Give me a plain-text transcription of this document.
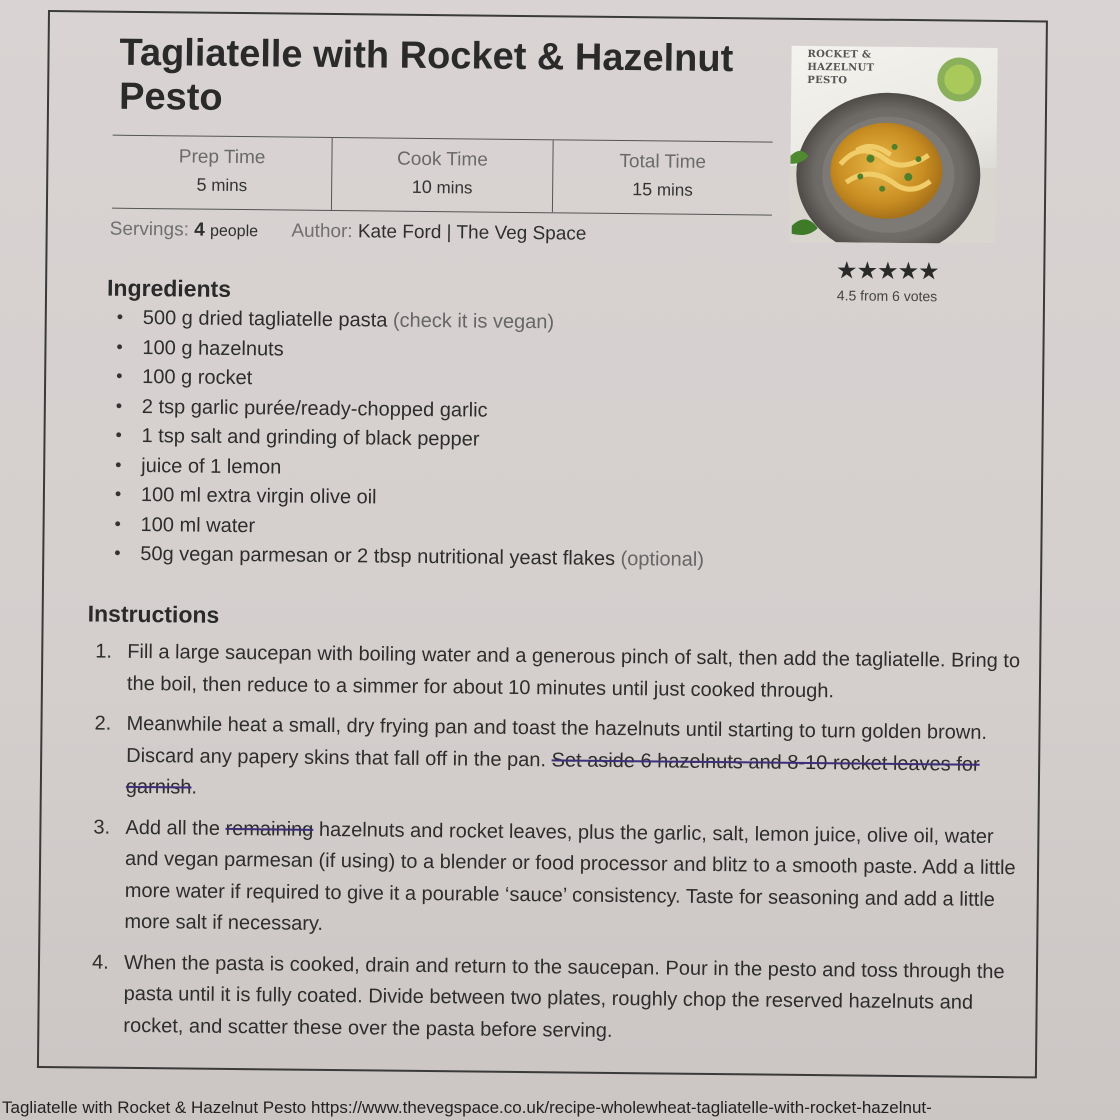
Tagliatelle with Rocket & Hazelnut Pesto
Prep Time
5 mins
Cook Time
10 mins
Total Time
15 mins
Servings: 4 people Author: Kate Ford | The Veg Space
ROCKET & HAZELNUT PESTO
★★★★★
4.5 from 6 votes
Ingredients
• 500 g dried tagliatelle pasta (check it is vegan)
• 100 g hazelnuts
• 100 g rocket
• 2 tsp garlic purée/ready-chopped garlic
• 1 tsp salt and grinding of black pepper
• juice of 1 lemon
• 100 ml extra virgin olive oil
• 100 ml water
• 50g vegan parmesan or 2 tbsp nutritional yeast flakes (optional)
Instructions
1. Fill a large saucepan with boiling water and a generous pinch of salt, then add the tagliatelle. Bring to the boil, then reduce to a simmer for about 10 minutes until just cooked through.
2. Meanwhile heat a small, dry frying pan and toast the hazelnuts until starting to turn golden brown. Discard any papery skins that fall off in the pan. Set aside 6 hazelnuts and 8-10 rocket leaves for garnish.
3. Add all the remaining hazelnuts and rocket leaves, plus the garlic, salt, lemon juice, olive oil, water and vegan parmesan (if using) to a blender or food processor and blitz to a smooth paste. Add a little more water if required to give it a pourable ‘sauce’ consistency. Taste for seasoning and add a little more salt if necessary.
4. When the pasta is cooked, drain and return to the saucepan. Pour in the pesto and toss through the pasta until it is fully coated. Divide between two plates, roughly chop the reserved hazelnuts and rocket, and scatter these over the pasta before serving.
Tagliatelle with Rocket & Hazelnut Pesto https://www.thevegspace.co.uk/recipe-wholewheat-tagliatelle-with-rocket-hazelnut-
